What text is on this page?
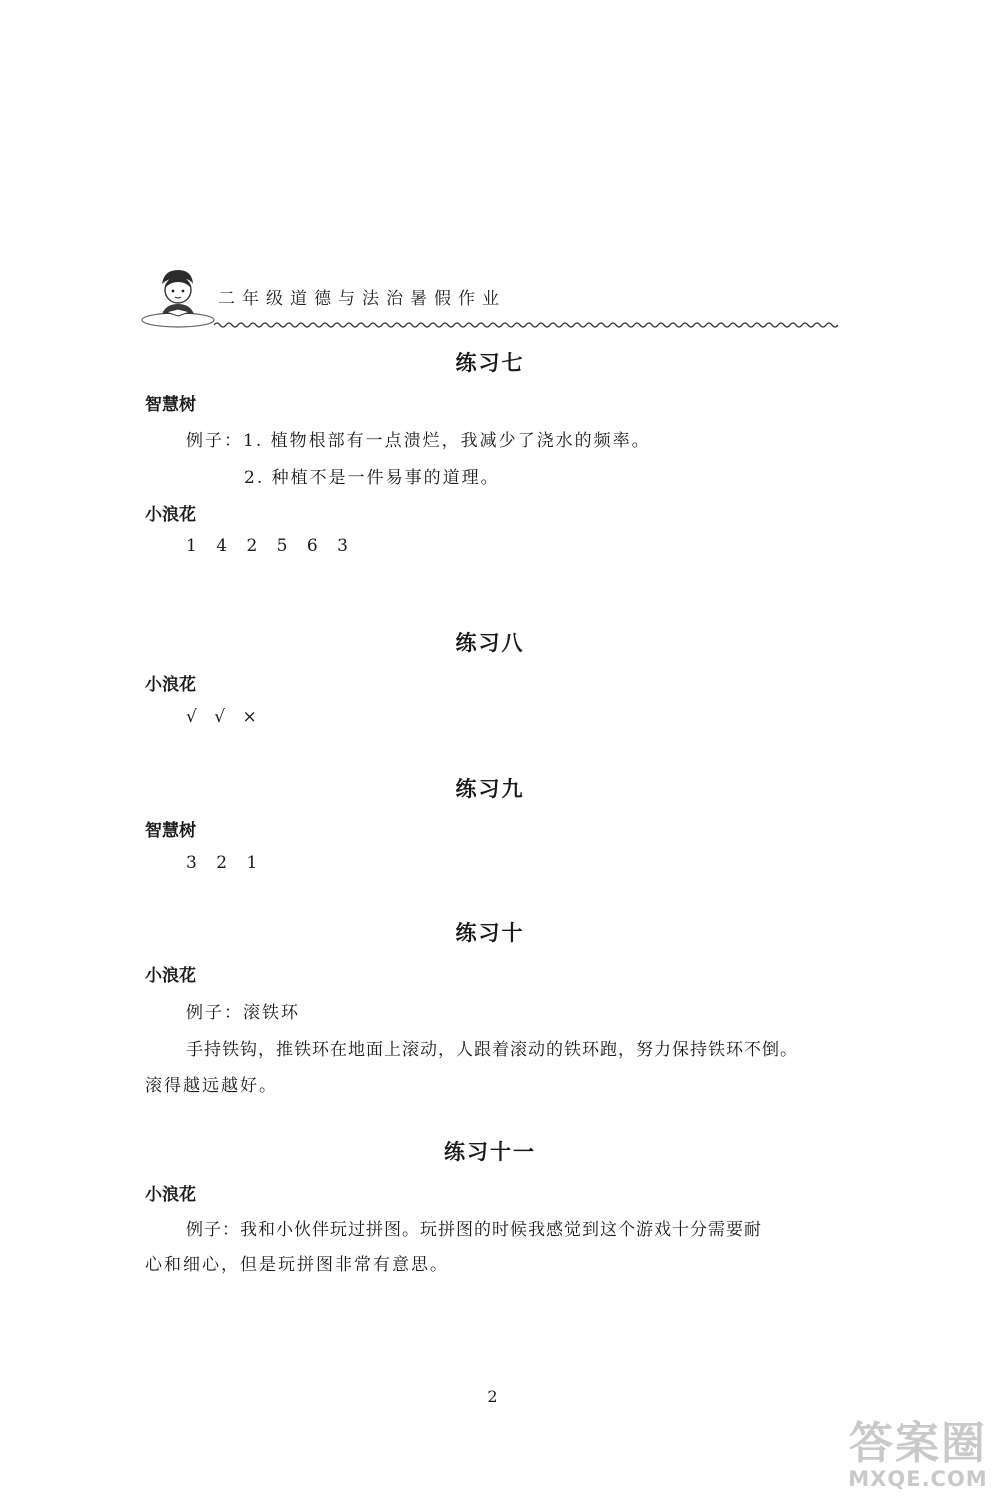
二年级道德与法治暑假作业
练习七
智慧树
例子：1. 植物根部有一点溃烂，我减少了浇水的频率。
2. 种植不是一件易事的道理。
小浪花
1 4 2 5 6 3
练习八
小浪花
√ √ ×
练习九
智慧树
3 2 1
练习十
小浪花
例子：滚铁环
手持铁钩，推铁环在地面上滚动，人跟着滚动的铁环跑，努力保持铁环不倒。
滚得越远越好。
练习十一
小浪花
例子：我和小伙伴玩过拼图。玩拼图的时候我感觉到这个游戏十分需要耐
心和细心，但是玩拼图非常有意思。
2
答案圈
MXQE.COM
